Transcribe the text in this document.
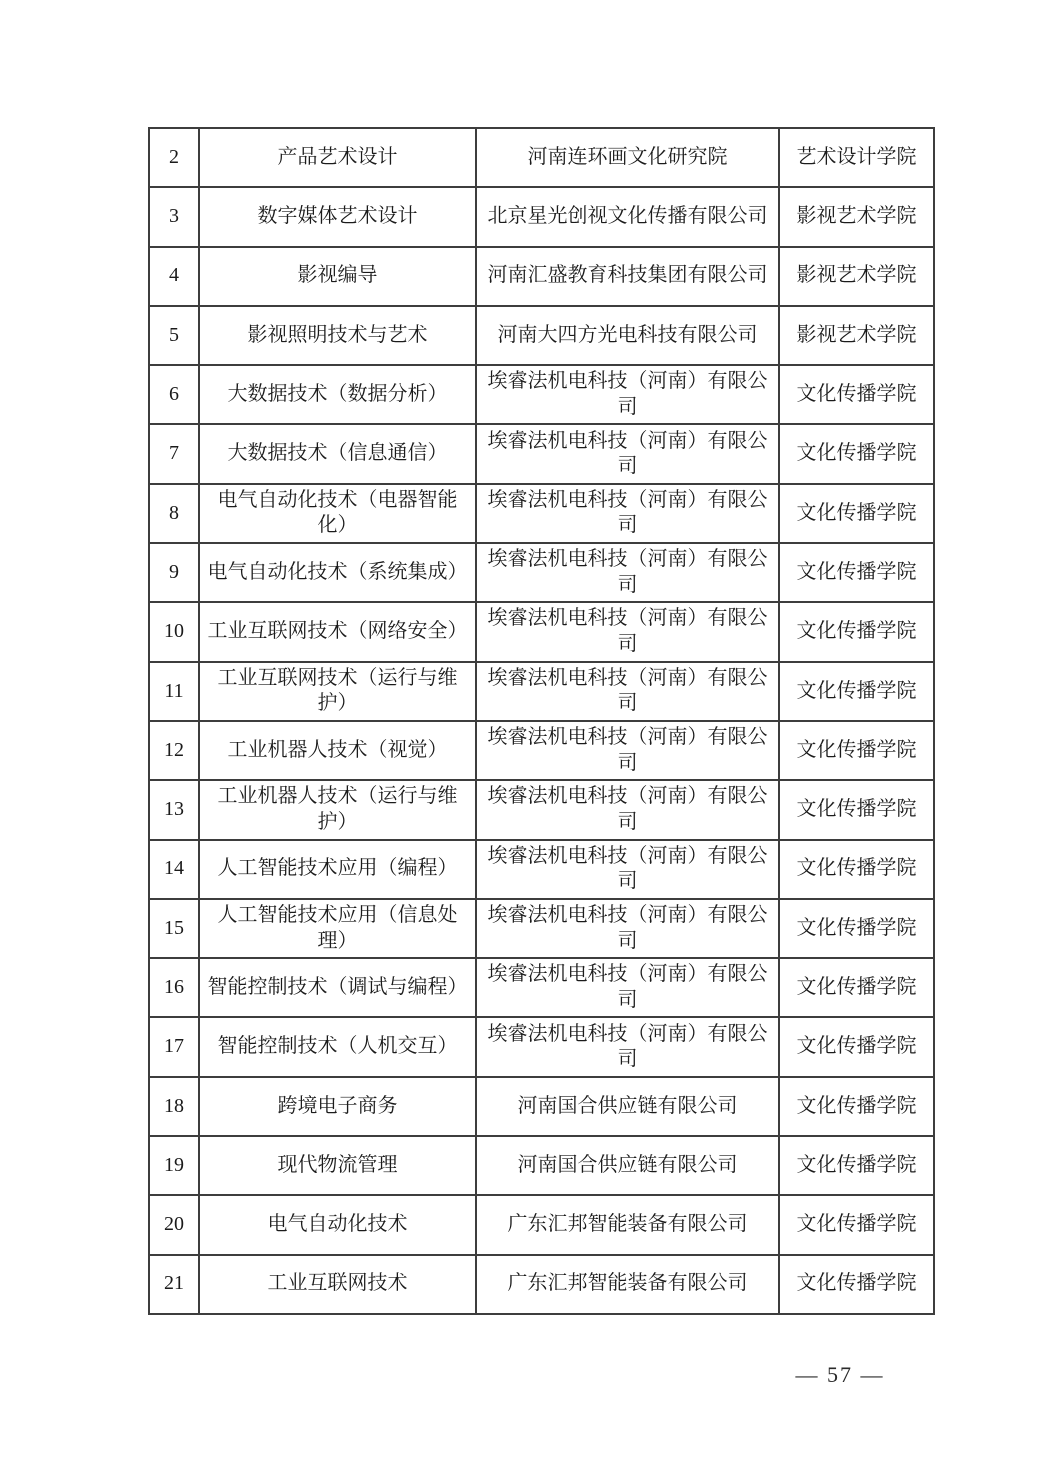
2	产品艺术设计	河南连环画文化研究院	艺术设计学院
3	数字媒体艺术设计	北京星光创视文化传播有限公司	影视艺术学院
4	影视编导	河南汇盛教育科技集团有限公司	影视艺术学院
5	影视照明技术与艺术	河南大四方光电科技有限公司	影视艺术学院
6	大数据技术（数据分析）	埃睿法机电科技（河南）有限公司	文化传播学院
7	大数据技术（信息通信）	埃睿法机电科技（河南）有限公司	文化传播学院
8	电气自动化技术（电器智能化）	埃睿法机电科技（河南）有限公司	文化传播学院
9	电气自动化技术（系统集成）	埃睿法机电科技（河南）有限公司	文化传播学院
10	工业互联网技术（网络安全）	埃睿法机电科技（河南）有限公司	文化传播学院
11	工业互联网技术（运行与维护）	埃睿法机电科技（河南）有限公司	文化传播学院
12	工业机器人技术（视觉）	埃睿法机电科技（河南）有限公司	文化传播学院
13	工业机器人技术（运行与维护）	埃睿法机电科技（河南）有限公司	文化传播学院
14	人工智能技术应用（编程）	埃睿法机电科技（河南）有限公司	文化传播学院
15	人工智能技术应用（信息处理）	埃睿法机电科技（河南）有限公司	文化传播学院
16	智能控制技术（调试与编程）	埃睿法机电科技（河南）有限公司	文化传播学院
17	智能控制技术（人机交互）	埃睿法机电科技（河南）有限公司	文化传播学院
18	跨境电子商务	河南国合供应链有限公司	文化传播学院
19	现代物流管理	河南国合供应链有限公司	文化传播学院
20	电气自动化技术	广东汇邦智能装备有限公司	文化传播学院
21	工业互联网技术	广东汇邦智能装备有限公司	文化传播学院
— 57 —
